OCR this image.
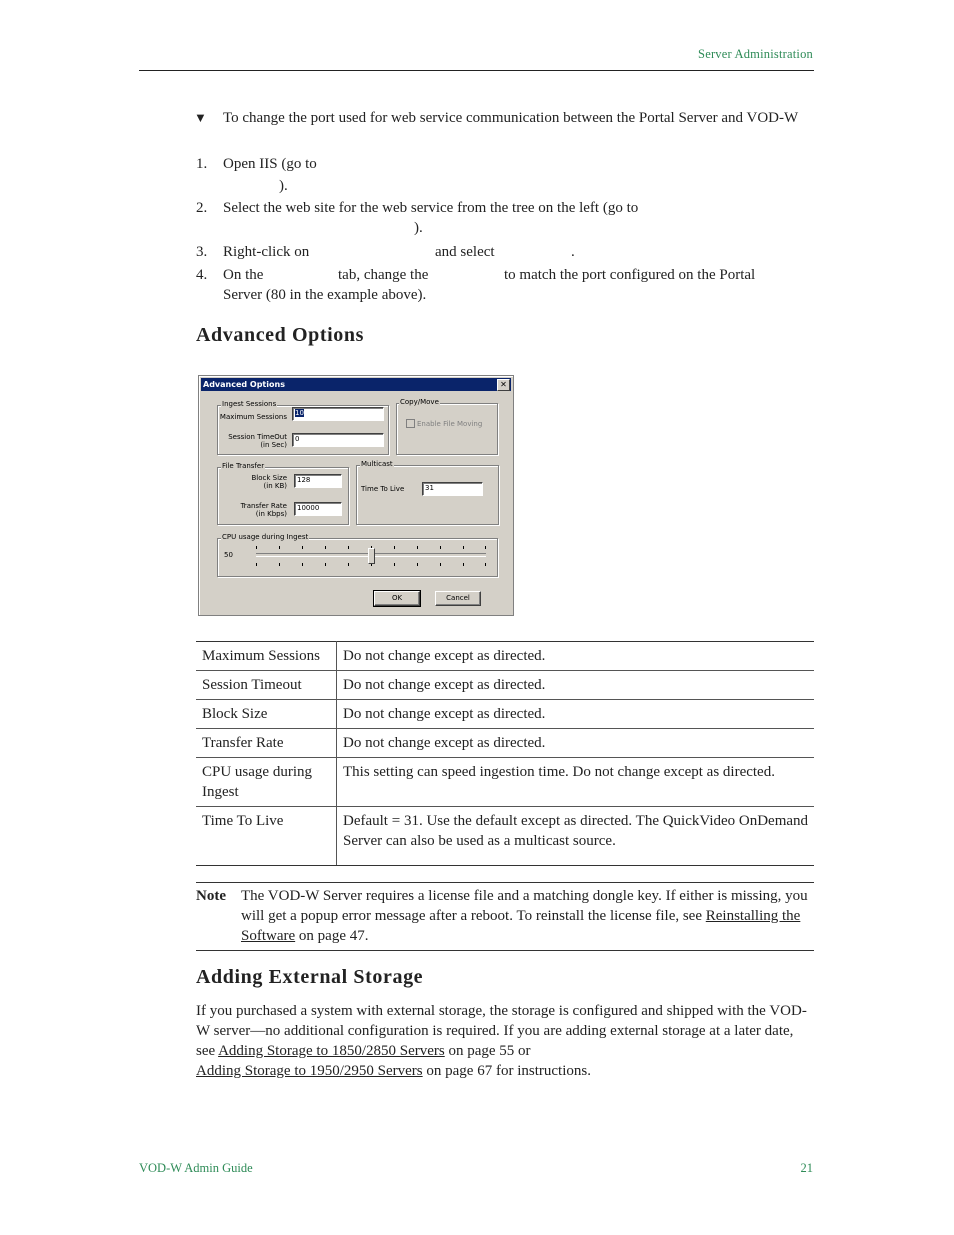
Server Administration
▼ To change the port used for web service communication between the Portal Server and VOD-W
1. Open IIS (go to
).
2. Select the web site for the web service from the tree on the left (go to
).
3. Right-click on	and select	.
4. On the	tab, change the	to match the port configured on the Portal
Server (80 in the example above).
Advanced Options
Advanced Options	✕
Ingest Sessions
Maximum Sessions	10
Session TimeOut
(in Sec)
0
Copy/Move
Enable File Moving
File Transfer
Block Size
(in KB)
128
Transfer Rate
(in Kbps)
10000
Multicast
Time To Live	31
CPU usage during Ingest
50
OK	Cancel
Maximum Sessions	Do not change except as directed.
Session Timeout	Do not change except as directed.
Block Size	Do not change except as directed.
Transfer Rate	Do not change except as directed.
CPU usage during Ingest	This setting can speed ingestion time. Do not change except as directed.
Time To Live	Default = 31. Use the default except as directed. The QuickVideo OnDemand Server can also be used as a multicast source.
Note The VOD-W Server requires a license file and a matching dongle key. If either is missing, you will get a popup error message after a reboot. To reinstall the license file, see Reinstalling the Software on page 47.
Adding External Storage
If you purchased a system with external storage, the storage is configured and shipped with the VOD-W server—no additional configuration is required. If you are adding external storage at a later date, see Adding Storage to 1850/2850 Servers on page 55 or
Adding Storage to 1950/2950 Servers on page 67 for instructions.
VOD-W Admin Guide	21
